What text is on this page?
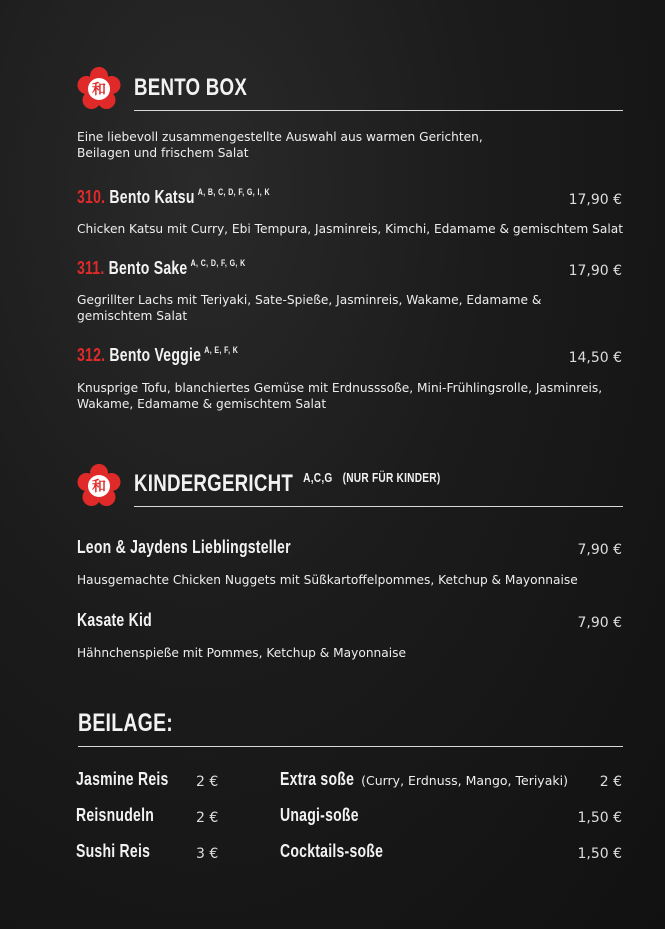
和 BENTO BOX
Eine liebevoll zusammengestellte Auswahl aus warmen Gerichten,
Beilagen und frischem Salat
310. Bento Katsu $^{A, B, C, D, F, G, I, K}$	17,90 €
Chicken Katsu mit Curry, Ebi Tempura, Jasminreis, Kimchi, Edamame & gemischtem Salat
311. Bento Sake $^{A, C, D, F, G, K}$	17,90 €
Gegrillter Lachs mit Teriyaki, Sate-Spieße, Jasminreis, Wakame, Edamame &
gemischtem Salat
312. Bento Veggie $^{A, E, F, K}$	14,50 €
Knusprige Tofu, blanchiertes Gemüse mit Erdnusssoße, Mini-Frühlingsrolle, Jasminreis,
Wakame, Edamame & gemischtem Salat
和 KINDERGERICHT $^{A,C,G}$ $^{(NUR FÜR KINDER)}$
Leon & Jaydens Lieblingsteller	7,90 €
Hausgemachte Chicken Nuggets mit Süßkartoffelpommes, Ketchup & Mayonnaise
Kasate Kid	7,90 €
Hähnchenspieße mit Pommes, Ketchup & Mayonnaise
BEILAGE:
Jasmine Reis 2 €
Reisnudeln	2 €
Sushi Reis	3 €
Extra soße (Curry, Erdnuss, Mango, Teriyaki) 2 €
Unagi-soße	1,50 €
Cocktails-soße	1,50 €
